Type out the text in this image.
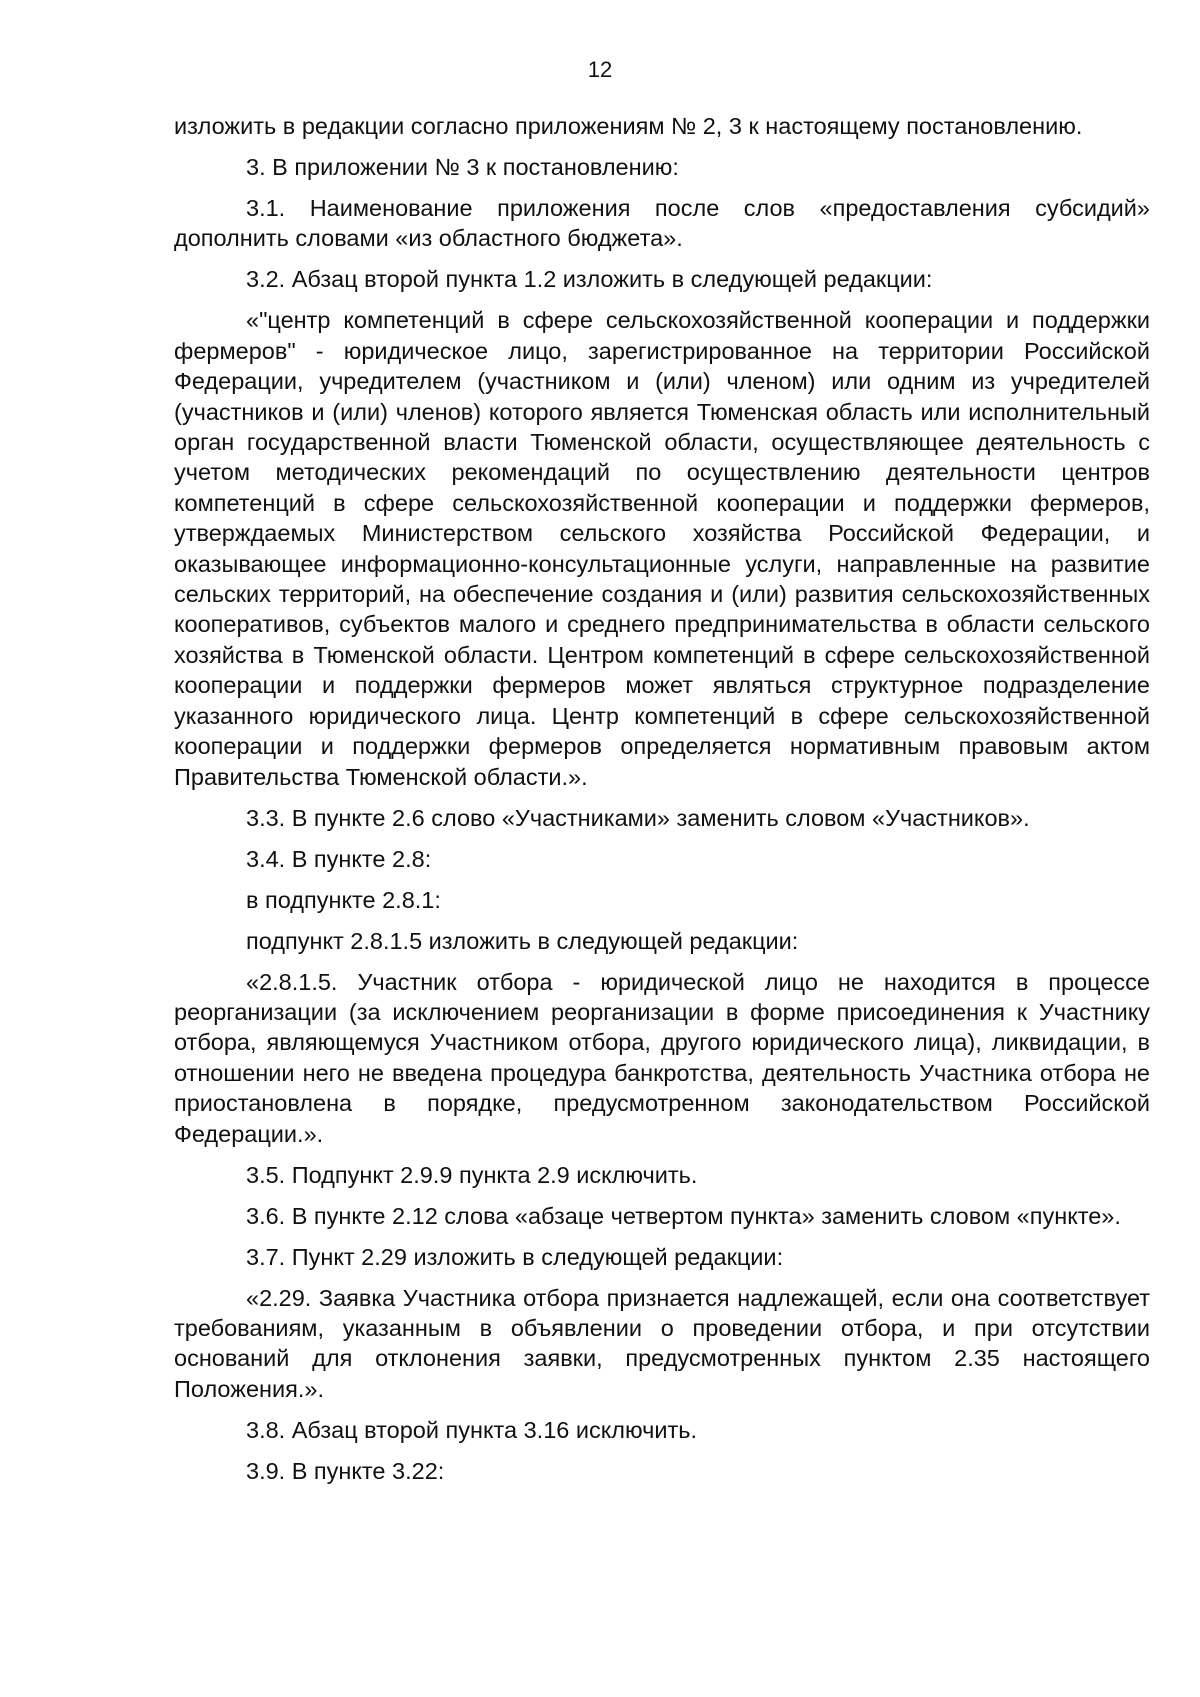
12

изложить в редакции согласно приложениям № 2, 3 к настоящему постановлению.

3. В приложении № 3 к постановлению:

3.1. Наименование приложения после слов «предоставления субсидий» дополнить словами «из областного бюджета».

3.2. Абзац второй пункта 1.2 изложить в следующей редакции:

«"центр компетенций в сфере сельскохозяйственной кооперации и поддержки фермеров" - юридическое лицо, зарегистрированное на территории Российской Федерации, учредителем (участником и (или) членом) или одним из учредителей (участников и (или) членов) которого является Тюменская область или исполнительный орган государственной власти Тюменской области, осуществляющее деятельность с учетом методических рекомендаций по осуществлению деятельности центров компетенций в сфере сельскохозяйственной кооперации и поддержки фермеров, утверждаемых Министерством сельского хозяйства Российской Федерации, и оказывающее информационно-консультационные услуги, направленные на развитие сельских территорий, на обеспечение создания и (или) развития сельскохозяйственных кооперативов, субъектов малого и среднего предпринимательства в области сельского хозяйства в Тюменской области. Центром компетенций в сфере сельскохозяйственной кооперации и поддержки фермеров может являться структурное подразделение указанного юридического лица. Центр компетенций в сфере сельскохозяйственной кооперации и поддержки фермеров определяется нормативным правовым актом Правительства Тюменской области.».

3.3. В пункте 2.6 слово «Участниками» заменить словом «Участников».

3.4. В пункте 2.8:

в подпункте 2.8.1:

подпункт 2.8.1.5 изложить в следующей редакции:

«2.8.1.5. Участник отбора - юридической лицо не находится в процессе реорганизации (за исключением реорганизации в форме присоединения к Участнику отбора, являющемуся Участником отбора, другого юридического лица), ликвидации, в отношении него не введена процедура банкротства, деятельность Участника отбора не приостановлена в порядке, предусмотренном законодательством Российской Федерации.».

3.5. Подпункт 2.9.9 пункта 2.9 исключить.

3.6. В пункте 2.12 слова «абзаце четвертом пункта» заменить словом «пункте».

3.7. Пункт 2.29 изложить в следующей редакции:

«2.29. Заявка Участника отбора признается надлежащей, если она соответствует требованиям, указанным в объявлении о проведении отбора, и при отсутствии оснований для отклонения заявки, предусмотренных пунктом 2.35 настоящего Положения.».

3.8. Абзац второй пункта 3.16 исключить.

3.9. В пункте 3.22:
